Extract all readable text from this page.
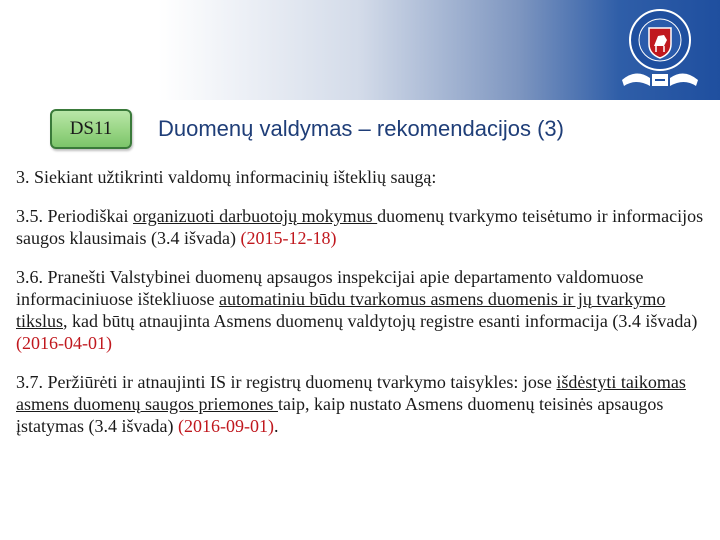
DS11	Duomenų valdymas – rekomendacijos (3)

3. Siekiant užtikrinti valdomų informacinių išteklių saugą:

3.5. Periodiškai organizuoti darbuotojų mokymus duomenų tvarkymo teisėtumo ir informacijos saugos klausimais (3.4 išvada) (2015-12-18)

3.6. Pranešti Valstybinei duomenų apsaugos inspekcijai apie departamento valdomuose informaciniuose ištekliuose automatiniu būdu tvarkomus asmens duomenis ir jų tvarkymo tikslus, kad būtų atnaujinta Asmens duomenų valdytojų registre esanti informacija (3.4 išvada) (2016-04-01)

3.7. Peržiūrėti ir atnaujinti IS ir registrų duomenų tvarkymo taisykles: jose išdėstyti taikomas asmens duomenų saugos priemones taip, kaip nustato Asmens duomenų teisinės apsaugos įstatymas (3.4 išvada) (2016-09-01).
